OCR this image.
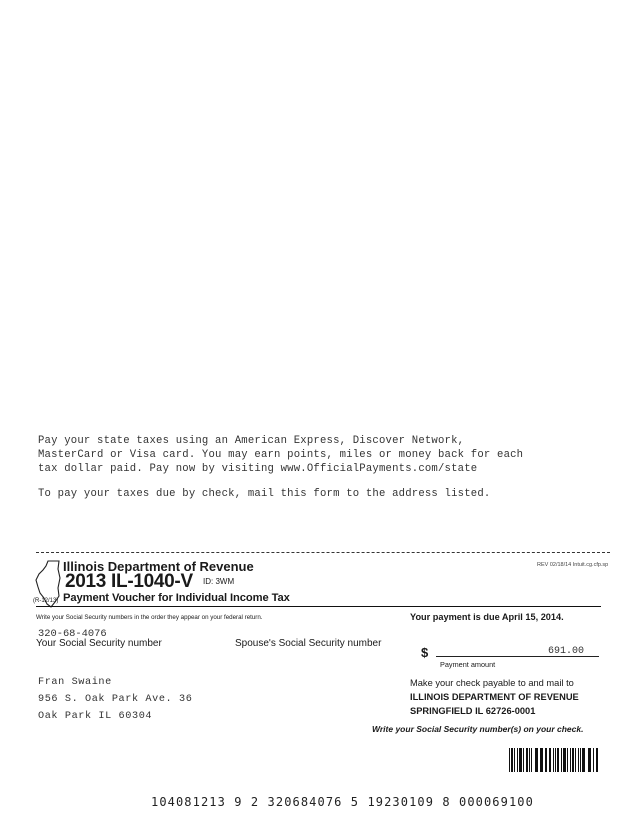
Pay your state taxes using an American Express, Discover Network,
MasterCard or Visa card. You may earn points, miles or money back for each
tax dollar paid. Pay now by visiting www.OfficialPayments.com/state
To pay your taxes due by check, mail this form to the address listed.
Illinois Department of Revenue
2013 IL-1040-V ID: 3WM
REV 02/18/14 Intuit.cg.cfp.sp
(R-12/13) Payment Voucher for Individual Income Tax
Write your Social Security numbers in the order they appear on your federal return.	Your payment is due April 15, 2014.
320-68-4076
Your Social Security number	Spouse's Social Security number
$	691.00
Payment amount
Fran Swaine
956 S. Oak Park Ave. 36
Oak Park IL 60304
Make your check payable to and mail to
ILLINOIS DEPARTMENT OF REVENUE
SPRINGFIELD IL 62726-0001
Write your Social Security number(s) on your check.
104081213 9 2 320684076 5 19230109 8 000069100
